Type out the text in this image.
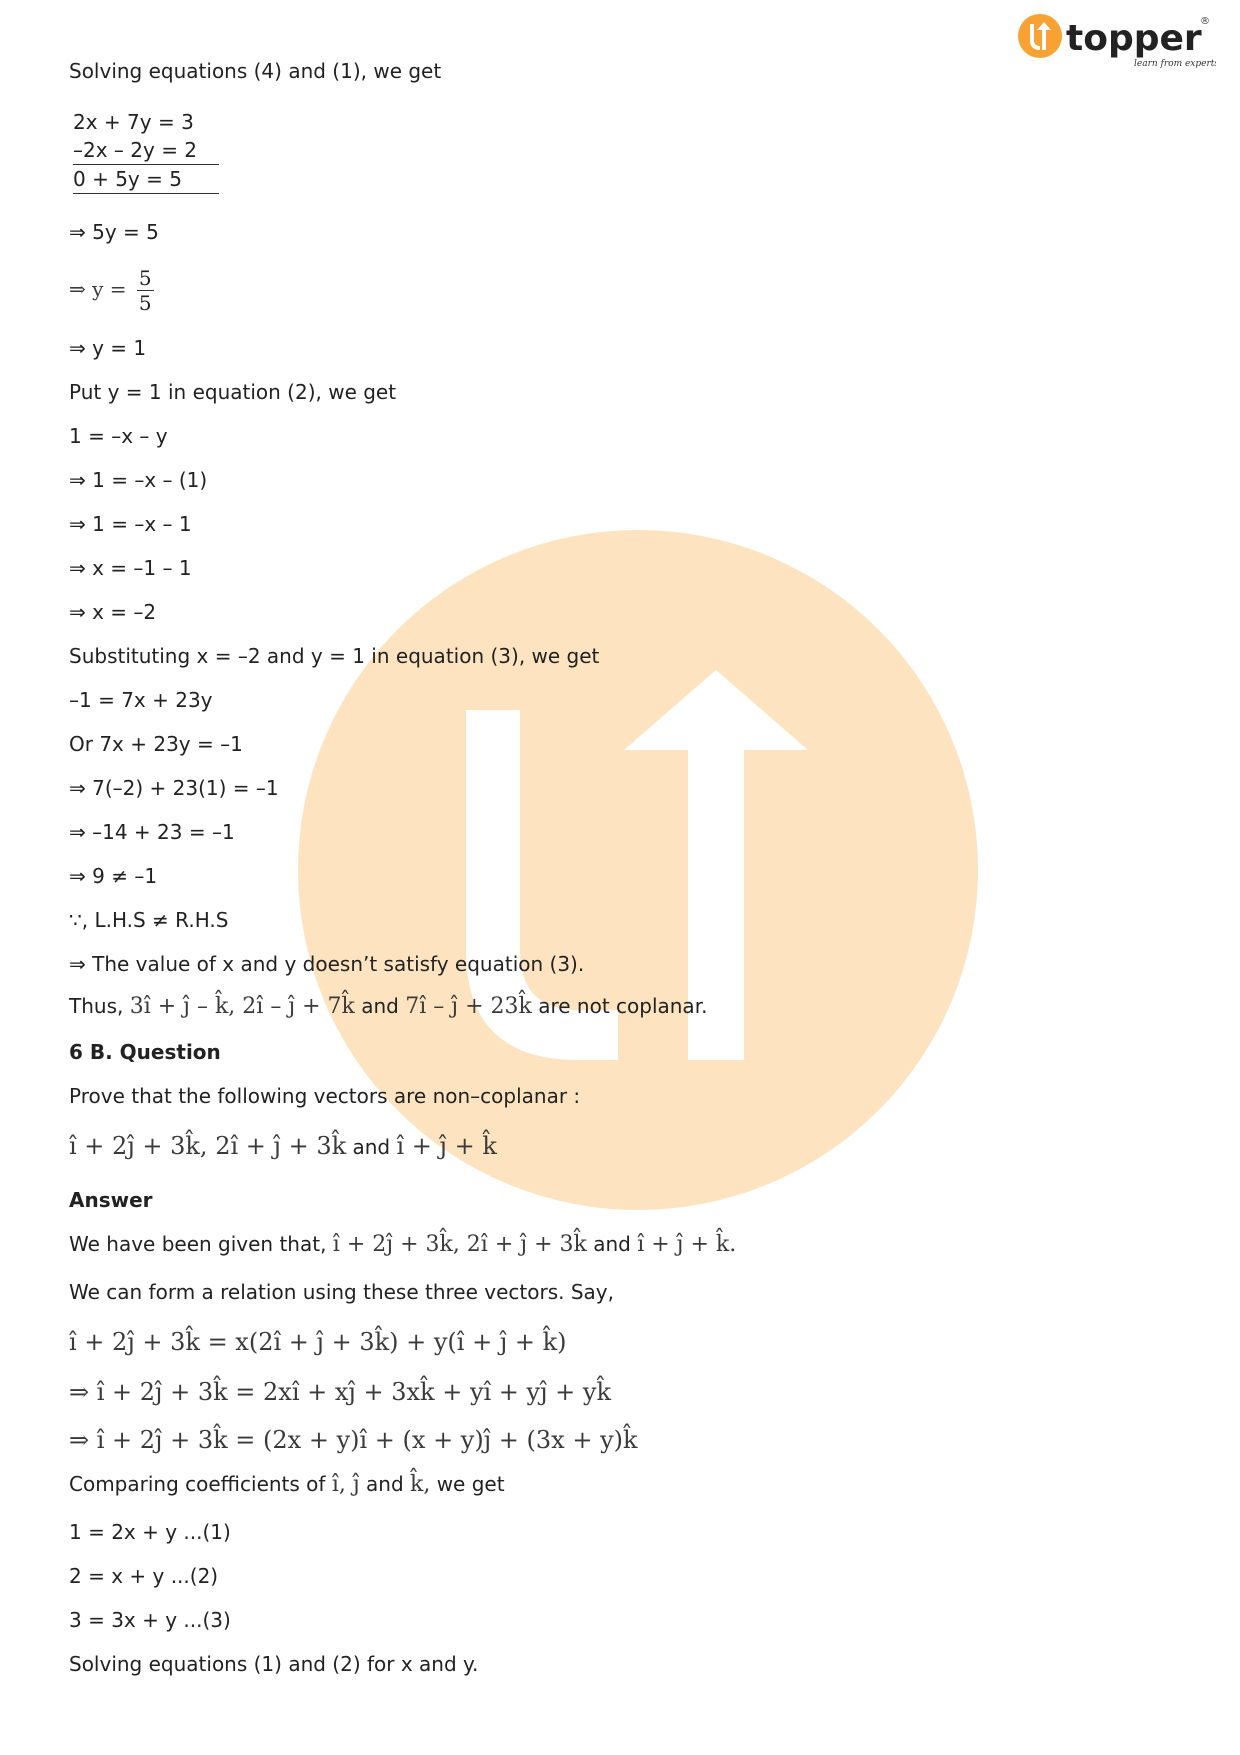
topper
learn from experts
®
Solving equations (4) and (1), we get
2x + 7y = 3
–2x – 2y = 2
0 + 5y = 5
⇒ 5y = 5
⇒ $y = \frac{5}{5}$
⇒ y = 1
Put y = 1 in equation (2), we get
1 = –x – y
⇒ 1 = –x – (1)
⇒ 1 = –x – 1
⇒ x = –1 – 1
⇒ x = –2
Substituting x = –2 and y = 1 in equation (3), we get
–1 = 7x + 23y
Or 7x + 23y = –1
⇒ 7(–2) + 23(1) = –1
⇒ –14 + 23 = –1
⇒ 9 ≠ –1
∵, L.H.S ≠ R.H.S
⇒ The value of x and y doesn’t satisfy equation (3).
Thus, 3î + ĵ – k̂, 2î – ĵ + 7k̂ and 7î – ĵ + 23k̂ are not coplanar.
6 B. Question
Prove that the following vectors are non–coplanar :
î + 2ĵ + 3k̂, 2î + ĵ + 3k̂ and î + ĵ + k̂
Answer
We have been given that, î + 2ĵ + 3k̂, 2î + ĵ + 3k̂ and î + ĵ + k̂.
We can form a relation using these three vectors. Say,
î + 2ĵ + 3k̂ = x(2î + ĵ + 3k̂) + y(î + ĵ + k̂)
⇒ î + 2ĵ + 3k̂ = 2xî + xĵ + 3xk̂ + yî + yĵ + yk̂
⇒ î + 2ĵ + 3k̂ = (2x + y)î + (x + y)ĵ + (3x + y)k̂
Comparing coefficients of î, ĵ and k̂, we get
1 = 2x + y ...(1)
2 = x + y ...(2)
3 = 3x + y ...(3)
Solving equations (1) and (2) for x and y.
